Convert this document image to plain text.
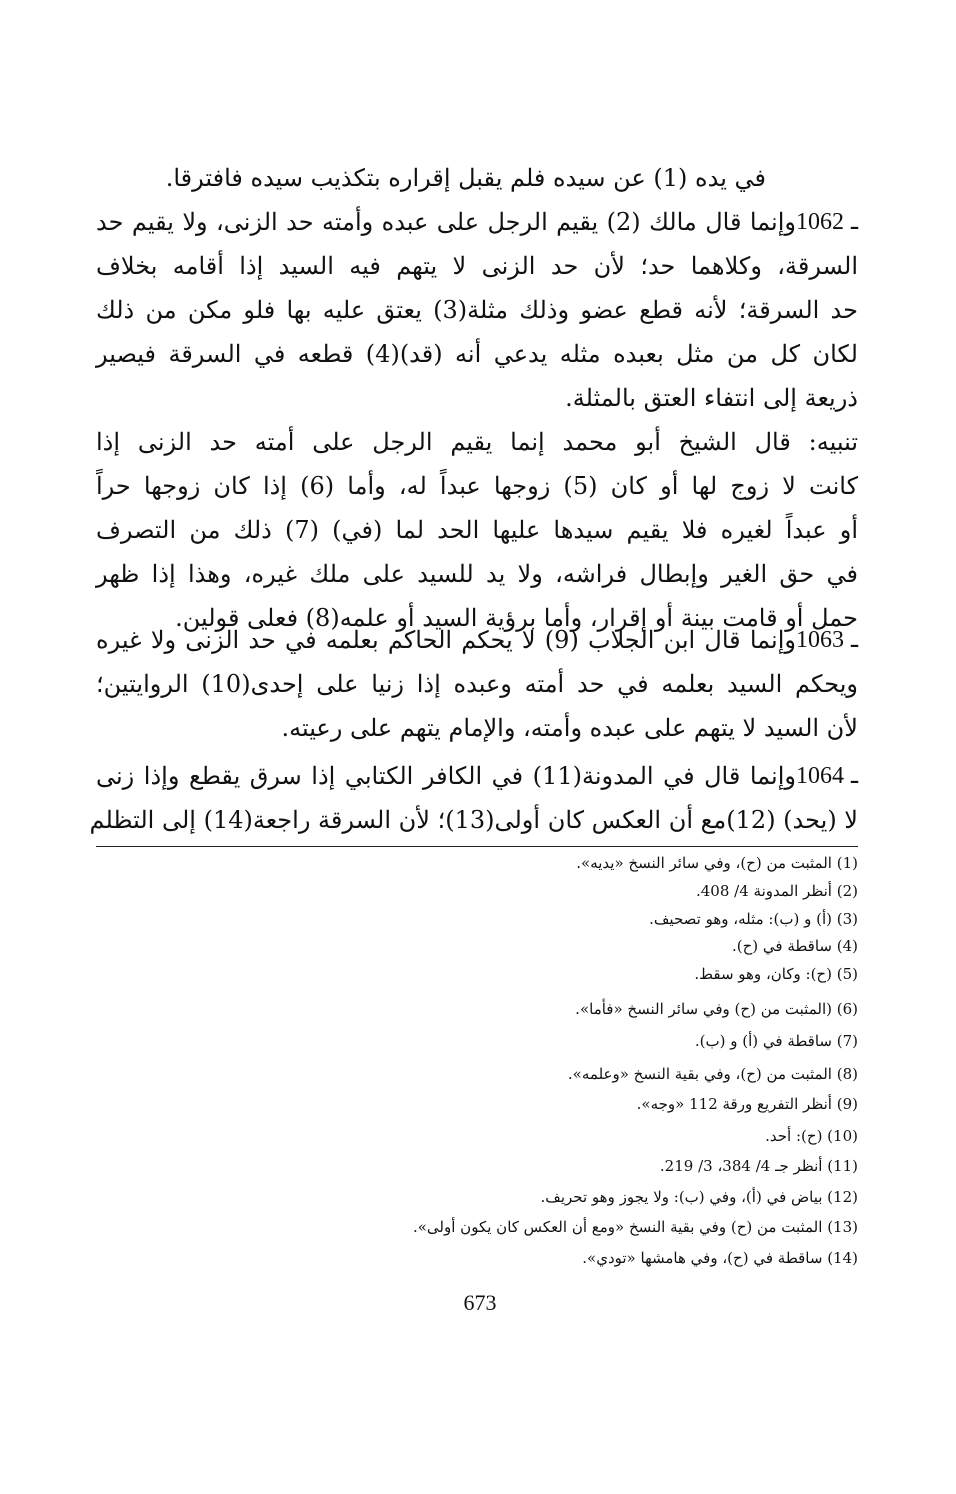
في يده (1) عن سيده فلم يقبل إقراره بتكذيب سيده فافترقا.
1062 ـ
وإنما قال مالك (2) يقيم الرجل على عبده وأمته حد الزنى، ولا يقيم حد
السرقة، وكلاهما حد؛ لأن حد الزنى لا يتهم فيه السيد إذا أقامه بخلاف
حد السرقة؛ لأنه قطع عضو وذلك مثلة(3) يعتق عليه بها فلو مكن من ذلك
لكان كل من مثل بعبده مثله يدعي أنه (قد)(4) قطعه في السرقة فيصير
ذريعة إلى انتفاء العتق بالمثلة.
تنبيه: قال الشيخ أبو محمد إنما يقيم الرجل على أمته حد الزنى إذا
كانت لا زوج لها أو كان (5) زوجها عبداً له، وأما (6) إذا كان زوجها حراً
أو عبداً لغيره فلا يقيم سيدها عليها الحد لما (في) (7) ذلك من التصرف
في حق الغير وإبطال فراشه، ولا يد للسيد على ملك غيره، وهذا إذا ظهر
حمل أو قامت بينة أو إقرار، وأما برؤية السيد أو علمه(8) فعلى قولين.
1063 ـ
وإنما قال ابن الجلاب (9) لا يحكم الحاكم بعلمه في حد الزنى ولا غيره
ويحكم السيد بعلمه في حد أمته وعبده إذا زنيا على إحدى(10) الروايتين؛
لأن السيد لا يتهم على عبده وأمته، والإمام يتهم على رعيته.
1064 ـ
وإنما قال في المدونة(11) في الكافر الكتابي إذا سرق يقطع وإذا زنى
لا (يحد) (12)مع أن العكس كان أولى(13)؛ لأن السرقة راجعة(14) إلى التظلم
(1) المثبت من (ح)، وفي سائر النسخ «يديه».
(2) أنظر المدونة 4/ 408.
(3) (أ) و (ب): مثله، وهو تصحيف.
(4) ساقطة في (ح).
(5) (ح): وكان، وهو سقط.
(6) (المثبت من (ح) وفي سائر النسخ «فأما».
(7) ساقطة في (أ) و (ب).
(8) المثبت من (ح)، وفي بقية النسخ «وعلمه».
(9) أنظر التفريع ورقة 112 «وجه».
(10) (ح): أحد.
(11) أنظر جـ 4/ 384، 3/ 219.
(12) بياض في (أ)، وفي (ب): ولا يجوز وهو تحريف.
(13) المثبت من (ح) وفي بقية النسخ «ومع أن العكس كان يكون أولى».
(14) ساقطة في (ح)، وفي هامشها «تودي».
673
